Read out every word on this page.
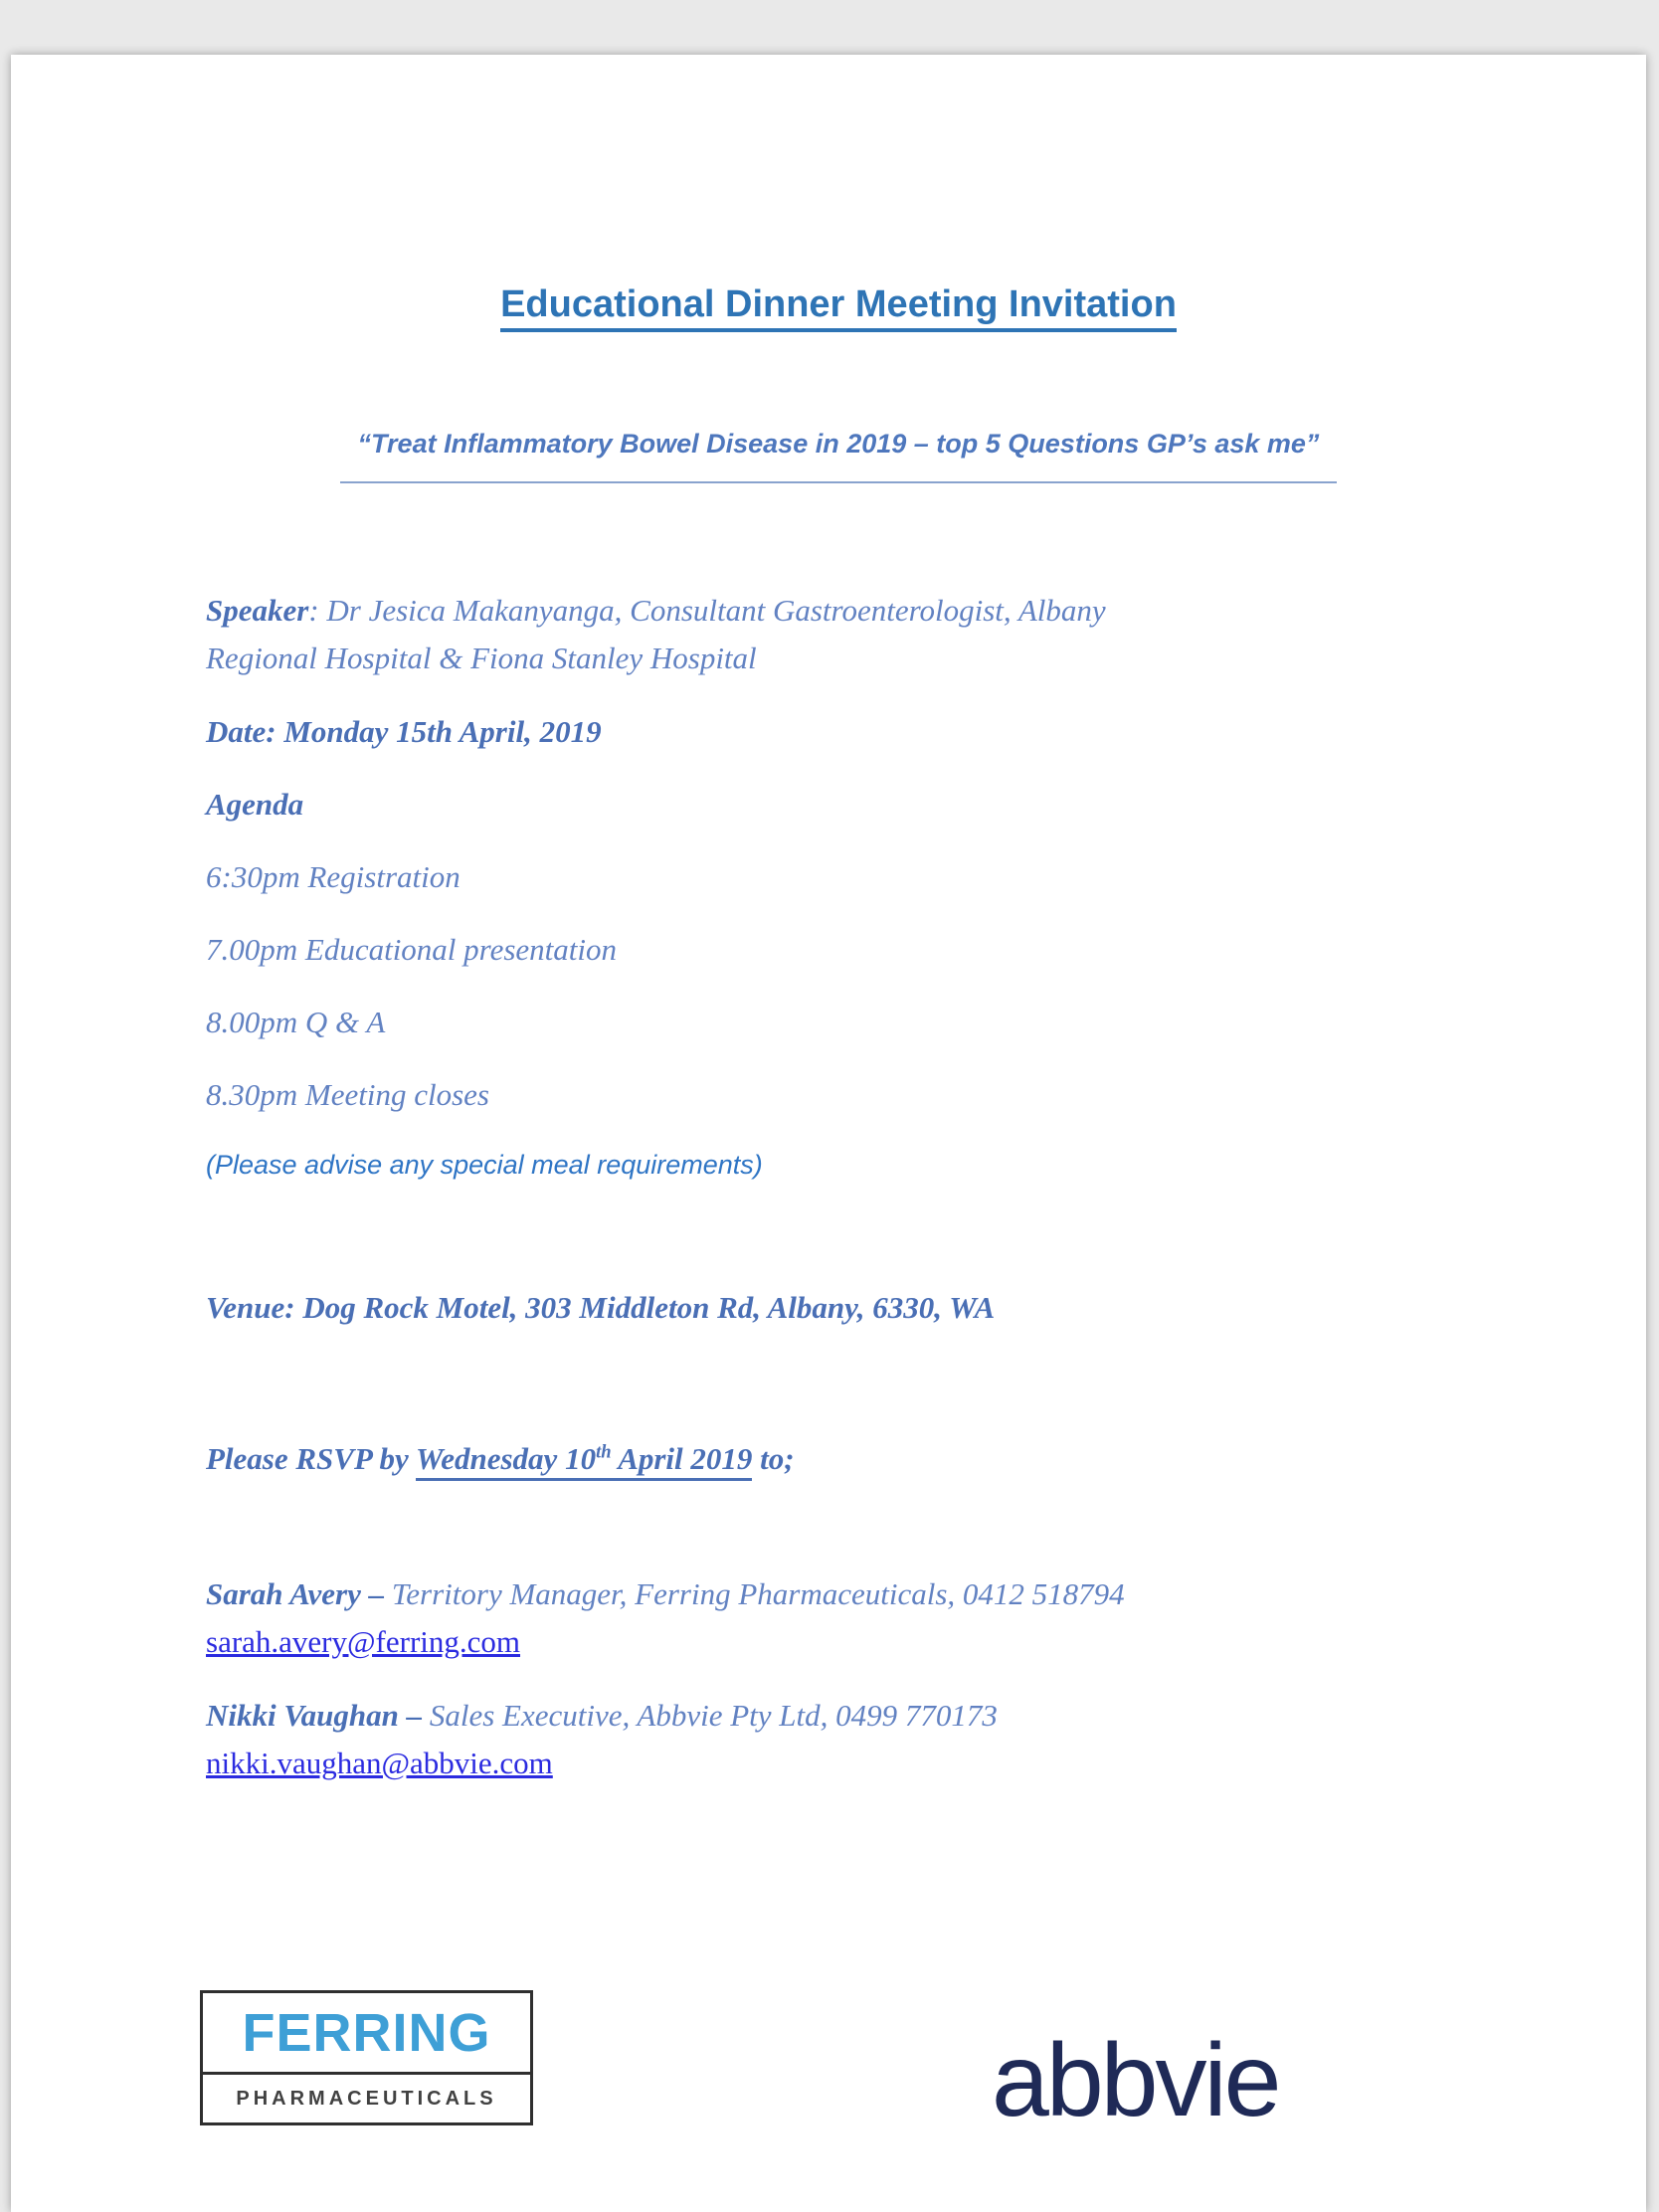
Educational Dinner Meeting Invitation
“Treat Inflammatory Bowel Disease in 2019 – top 5 Questions GP’s ask me”
Speaker: Dr Jesica Makanyanga, Consultant Gastroenterologist, Albany
Regional Hospital & Fiona Stanley Hospital
Date: Monday 15th April, 2019
Agenda
6:30pm Registration
7.00pm Educational presentation
8.00pm Q & A
8.30pm Meeting closes
(Please advise any special meal requirements)
Venue: Dog Rock Motel, 303 Middleton Rd, Albany, 6330, WA
Please RSVP by Wednesday 10th April 2019 to;
Sarah Avery – Territory Manager, Ferring Pharmaceuticals, 0412 518794
sarah.avery@ferring.com
Nikki Vaughan – Sales Executive, Abbvie Pty Ltd, 0499 770173
nikki.vaughan@abbvie.com
FERRING
PHARMACEUTICALS	abbvie
